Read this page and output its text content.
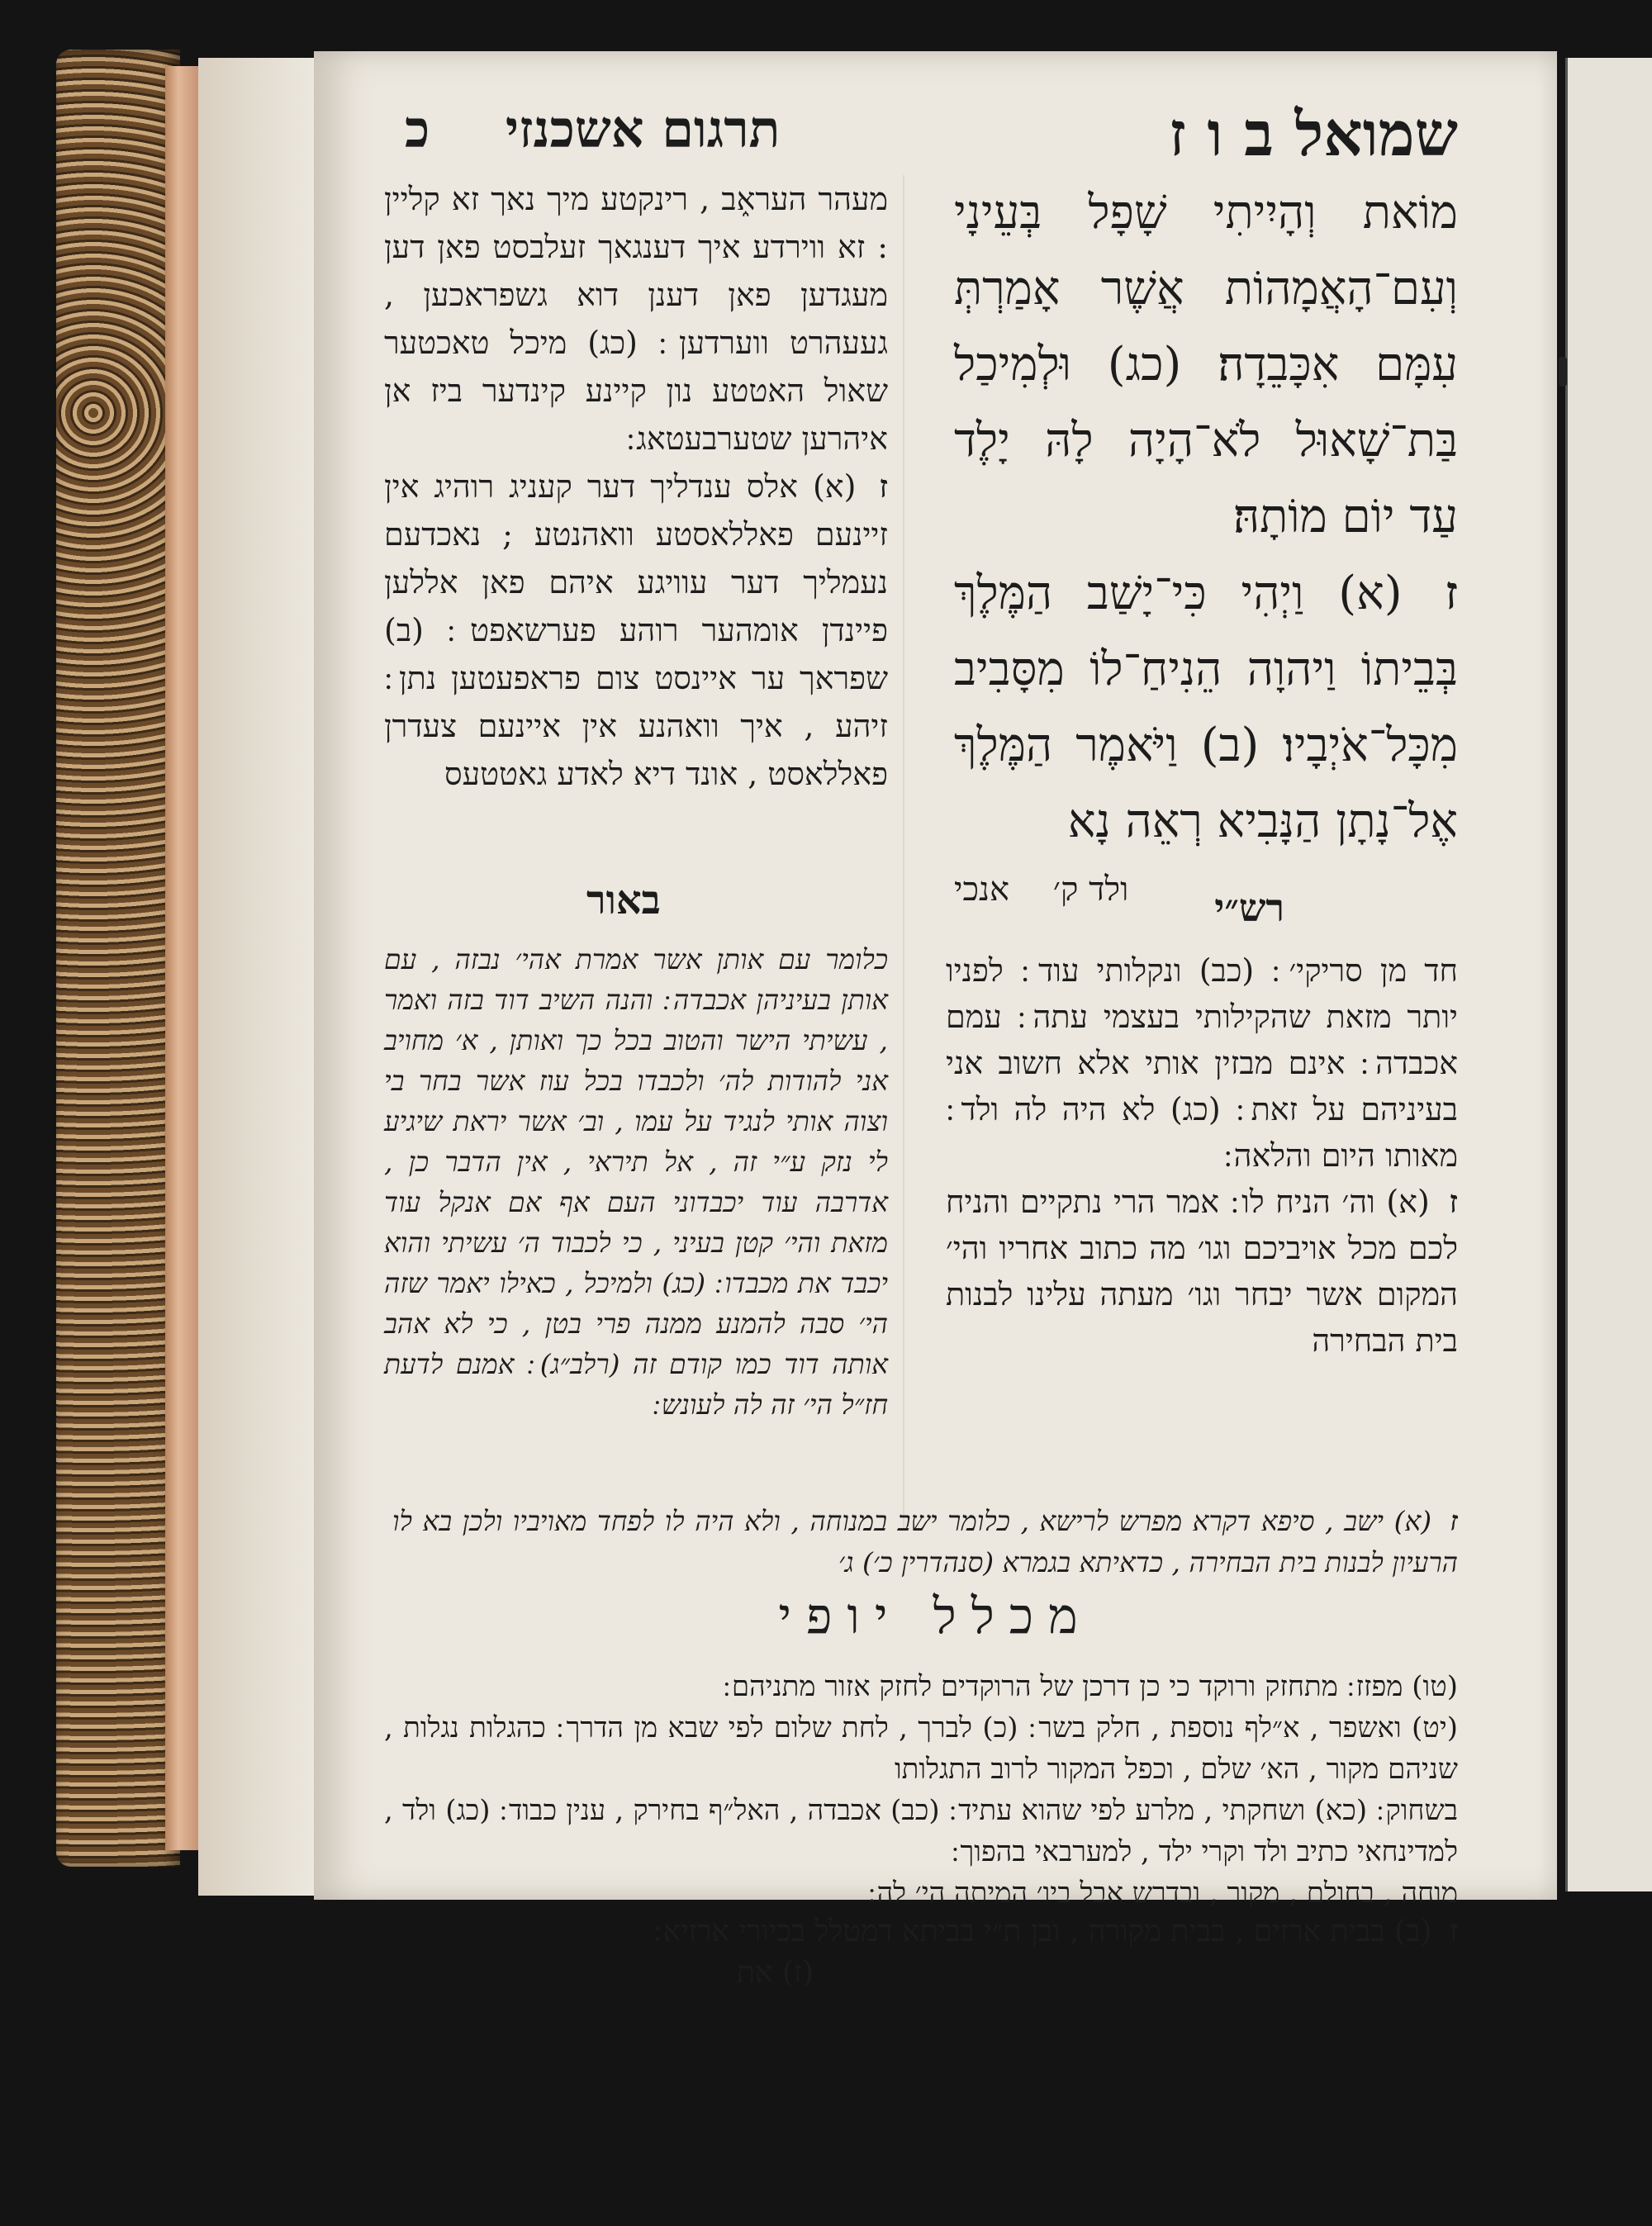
שמואל ב ו ז
תרגום אשכנזי כ

מוֹאת וְהָיִיתִי שָׁפָל בְּעֵינָי וְעִם־הָאֲמָהוֹת אֲשֶׁר אָמַרְתְּ עִמָּם אִכָּבֵדָה׃ (כג) וּלְמִיכַל בַּת־שָׁאוּל לֹא־הָיָה לָהּ יָלֶד עַד יוֹם מוֹתָהּ׃

ז (א) וַיְהִי כִּי־יָשַׁב הַמֶּלֶךְ בְּבֵיתוֹ וַיהוָה הֵנִיחַ־לוֹ מִסָּבִיב מִכָּל־אֹיְבָיו׃ (ב) וַיֹּאמֶר הַמֶּלֶךְ אֶל־נָתָן הַנָּבִיא רְאֵה נָא

ולד ק׳ אנכי

מעהר הערא֑ב , רינקטע מיך נאך זא קליין : זא ווירדע איך דענגאך זעלבסט פאן דען מעגדען פאן דענן דוא גשפראכען , געעהרט ווערדען ׃ (כג) מיכל טאכטער שאול האטטע נון קיינע קינדער ביז אן איהרען שטערבעטאג ׃

ז (א) אלס ענדליך דער קעניג רוהיג אין זיינעם פאללאסטע וואהנטע ; נאכדעם נעמליך דער עוויגע איהם פאן אללען פיינדן אומהער רוהע פערשאפט ׃ (ב) שפראך ער איינסט צום פראפעטען נתן ׃ זיהע , איך וואהנע אין איינעם צעדרן פאללאסט , אונד דיא לאדע גאטטעס

רש״י
באור

חד מן סריקי׳ ׃ (כב) ונקלותי עוד ׃ לפניו יותר מזאת שהקילותי בעצמי עתה ׃ עמם אכבדה ׃ אינם מבזין אותי אלא חשוב אני בעיניהם על זאת ׃ (כג) לא היה לה ולד ׃ מאותו היום והלאה ׃

ז (א) וה׳ הניח לו ׃ אמר הרי נתקיים והניח לכם מכל אויביכם וגו׳ מה כתוב אחריו והי׳ המקום אשר יבחר וגו׳ מעתה עלינו לבנות בית הבחירה

כלומר עם אותן אשר אמרת אהי׳ נבזה , עם אותן בעיניהן אכבדה ׃ והנה השיב דוד בזה ואמר , עשיתי הישר והטוב בכל כך ואותן , א׳ מחויב אני להודות לה׳ ולכבדו בכל עוז אשר בחר בי וצוה אותי לנגיד על עמו , וב׳ אשר יראת שיגיע לי נזק ע״י זה , אל תיראי , אין הדבר כן , אדרבה עוד יכבדוני העם אף אם אנקל עוד מזאת והי׳ קטן בעיני , כי לכבוד ה׳ עשיתי והוא יכבד את מכבדו ׃ (כג) ולמיכל , כאילו יאמר שזה הי׳ סבה להמנע ממנה פרי בטן , כי לא אהב אותה דוד כמו קודם זה (רלב״ג) ׃ אמנם לדעת חז״ל הי׳ זה לה לעונש ׃

ז (א) ישב , סיפא דקרא מפרש לרישא , כלומר ישב במנוחה , ולא היה לו לפחד מאויביו ולכן בא לו הרעיון לבנות בית הבחירה , כדאיתא בגמרא (סנהדרין כ׳) ג׳
מכלל יופי

(טו) מפזז ׃ מתחזק ורוקד כי כן דרכן של הרוקדים לחזק אזור מתניהם ׃

(יט) ואשפר , א״לף נוספת , חלק בשר ׃ (כ) לברך , לחת שלום לפי שבא מן הדרך ׃ כהגלות נגלות , שניהם מקור , הא׳ שלם , וכפל המקור לרוב התגלותו

בשחוק ׃ (כא) ושחקתי , מלרע לפי שהוא עתיד ׃ (כב) אכבדה , האל״ף בחירק , ענין כבוד ׃ (כג) ולד , למדינחאי כתיב ולד וקרי ילד , למערבאי בהפוך ׃

מוחה , בחולם , מקור , ובדרש אבל ביו׳ המיתה הי׳ לה ׃

ז (ב) בבית ארזים , בבית מקורה , ובן ת״י בביתא דמטלל בכיורי ארזיא ׃
(ז) את
